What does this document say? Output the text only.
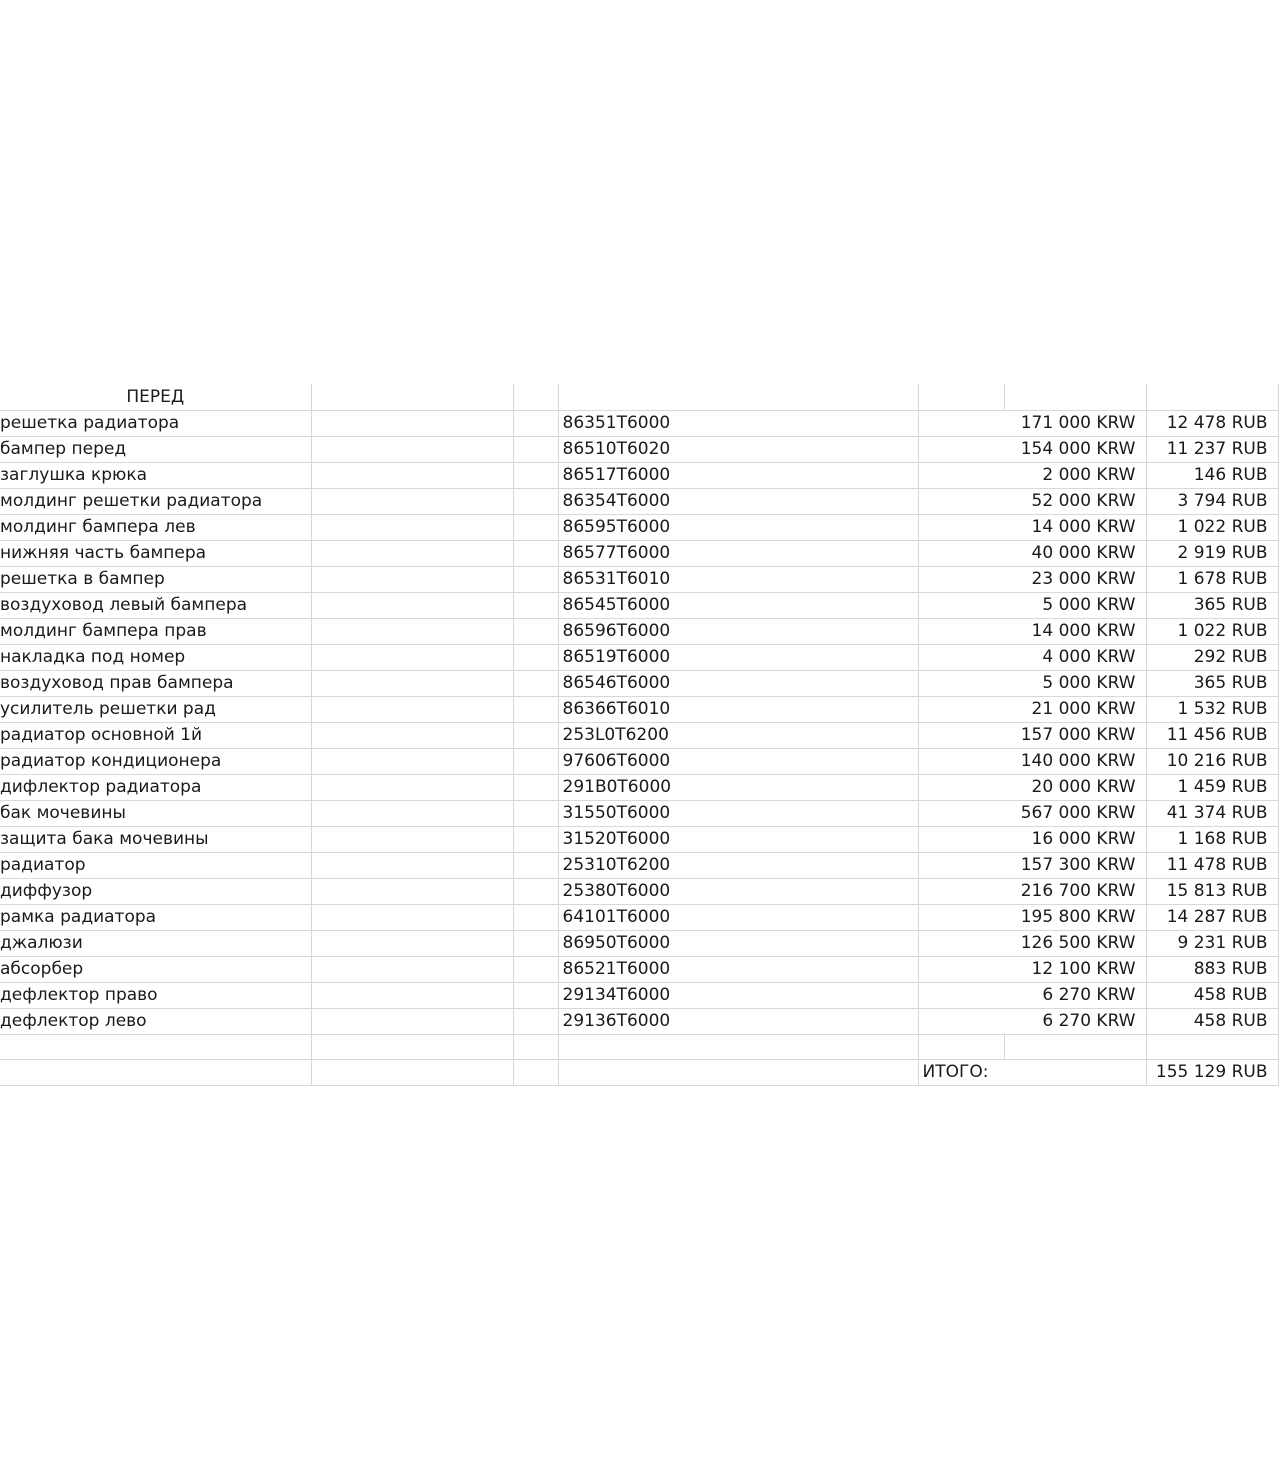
ПЕРЕД						
решетка радиатора			86351T6000	171 000 KRW		12 478 RUB
бампер перед			86510T6020	154 000 KRW		11 237 RUB
заглушка крюка			86517T6000	2 000 KRW		146 RUB
молдинг решетки радиатора			86354T6000	52 000 KRW		3 794 RUB
молдинг бампера лев			86595T6000	14 000 KRW		1 022 RUB
нижняя часть бампера			86577T6000	40 000 KRW		2 919 RUB
решетка в бампер			86531T6010	23 000 KRW		1 678 RUB
воздуховод левый бампера			86545T6000	5 000 KRW		365 RUB
молдинг бампера прав			86596T6000	14 000 KRW		1 022 RUB
накладка под номер			86519T6000	4 000 KRW		292 RUB
воздуховод прав бампера			86546T6000	5 000 KRW		365 RUB
усилитель решетки рад			86366T6010	21 000 KRW		1 532 RUB
радиатор основной 1й			253L0T6200	157 000 KRW		11 456 RUB
радиатор кондиционера			97606T6000	140 000 KRW		10 216 RUB
дифлектор радиатора			291B0T6000	20 000 KRW		1 459 RUB
бак мочевины			31550T6000	567 000 KRW		41 374 RUB
защита бака мочевины			31520T6000	16 000 KRW		1 168 RUB
радиатор			25310T6200	157 300 KRW		11 478 RUB
диффузор			25380T6000	216 700 KRW		15 813 RUB
рамка радиатора			64101T6000	195 800 KRW		14 287 RUB
джалюзи			86950T6000	126 500 KRW		9 231 RUB
абсорбер			86521T6000	12 100 KRW		883 RUB
дефлектор право			29134T6000	6 270 KRW		458 RUB
дефлектор лево			29136T6000	6 270 KRW		458 RUB

				ИТОГО:		155 129 RUB
